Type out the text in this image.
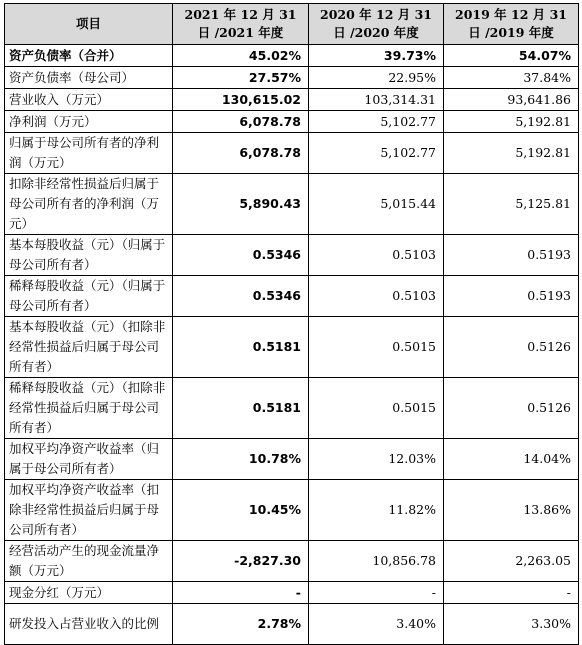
项目	2021 年 12 月 31 日 /2021 年度	2020 年 12 月 31 日 /2020 年度	2019 年 12 月 31 日 /2019 年度
资产负债率（合并）	45.02%	39.73%	54.07%
资产负债率（母公司）	27.57%	22.95%	37.84%
营业收入（万元）	130,615.02	103,314.31	93,641.86
净利润（万元）	6,078.78	5,102.77	5,192.81
归属于母公司所有者的净利润（万元）	6,078.78	5,102.77	5,192.81
扣除非经常性损益后归属于母公司所有者的净利润（万元）	5,890.43	5,015.44	5,125.81
基本每股收益（元）（归属于母公司所有者）	0.5346	0.5103	0.5193
稀释每股收益（元）（归属于母公司所有者）	0.5346	0.5103	0.5193
基本每股收益（元）（扣除非经常性损益后归属于母公司所有者）	0.5181	0.5015	0.5126
稀释每股收益（元）（扣除非经常性损益后归属于母公司所有者）	0.5181	0.5015	0.5126
加权平均净资产收益率（归属于母公司所有者）	10.78%	12.03%	14.04%
加权平均净资产收益率（扣除非经常性损益后归属于母公司所有者）	10.45%	11.82%	13.86%
经营活动产生的现金流量净额（万元）	-2,827.30	10,856.78	2,263.05
现金分红（万元）	-	-	-
研发投入占营业收入的比例	2.78%	3.40%	3.30%
